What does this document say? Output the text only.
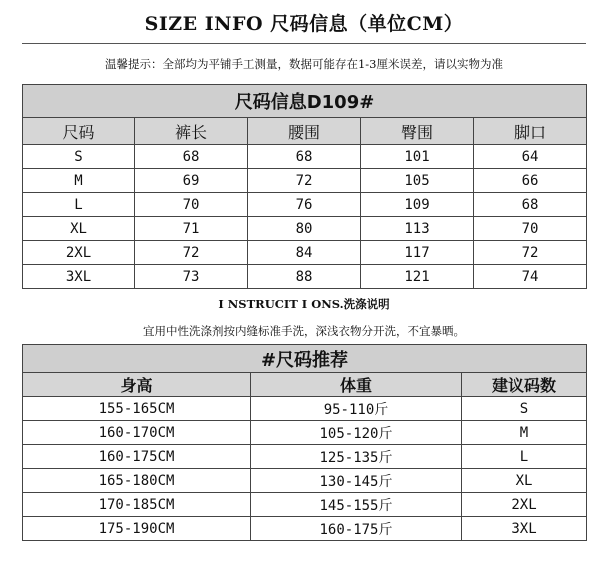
SIZE INFO 尺码信息（单位CM）
温馨提示：全部均为平铺手工测量，数据可能存在1-3厘米误差，请以实物为准
尺码信息D109#				
尺码	裤长	腰围	臀围	脚口
S	68	68	101	64
M	69	72	105	66
L	70	76	109	68
XL	71	80	113	70
2XL	72	84	117	72
3XL	73	88	121	74
I NSTRUCIT I ONS.洗涤说明
宜用中性洗涤剂按内缝标准手洗，深浅衣物分开洗，不宜暴晒。
#尺码推荐		
身高	体重	建议码数
155-165CM	95-110斤	S
160-170CM	105-120斤	M
160-175CM	125-135斤	L
165-180CM	130-145斤	XL
170-185CM	145-155斤	2XL
175-190CM	160-175斤	3XL
